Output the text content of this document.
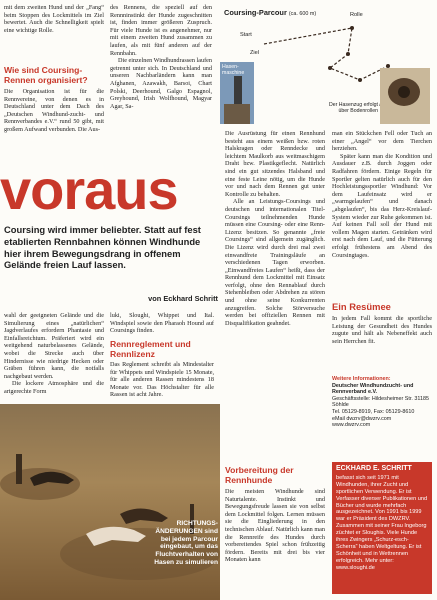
mit dem zweiten Hund und der „Fang“ beim Stoppen des Lockmittels im Ziel bewertet. Auch die Schnelligkeit spielt eine wichtige Rolle.
Wie sind Coursing-Rennen organisiert?
Die Organisation ist für die Rennvereine, von denen es in Deutschland unter dem Dach des „Deutschen Windhund-zucht- und Rennverbandes e.V.“ rund 50 gibt, mit großem Aufwand verbunden. Die Aus-

des Rennens, die speziell auf den Rennninstinkt der Hunde zugeschnitten ist, finden immer größeren Zuspruch. Für viele Hunde ist es angenehmer, nur mit einem zweiten Hund zusammen zu laufen, als mit fünf anderen auf der Rennbahn.

Die einzelnen Windhundrassen laufen getrennt unter sich. In Deutschland und unseren Nachbarländern kann man Afghanen, Azawakh, Barsoi, Chart Polski, Deerhound, Galgo Espagnol, Greyhound, Irish Wolfhound, Magyar Agar, Sa-

Coursing-Parcour (ca. 600 m)	Rolle
Start
Ziel
Hasen-maschine
Der Hasenzug erfolgt über Bodenrollen

Die Ausrüstung für einen Rennhund besteht aus einem weißen bzw. roten Halskragen oder Renndecke und leichtem Maulkorb aus weitmaschigem Draht bzw. Plastikgeflecht. Natürlich sind ein gut sitzendes Halsband und eine feste Leine nötig, um die Hunde vor und nach dem Rennen gut unter Kontrolle zu behalten.

Alle an Leistungs-Coursings und deutschen und internationalen Titel-Coursings teilnehmenden Hunde müssen eine Coursing- oder eine Renn-Lizenz besitzen. So genannte „freie Coursings“ sind allgemein zugänglich. Die Lizenz wird durch drei mal zwei einwandfreie Trainingsläufe an verschiedenen Tagen erworben. „Einwandfreies Laufen“ heißt, dass der Rennhund dem Lockmittel mit Einsatz verfolgt, ohne den Rennablauf durch Stehenbleiben oder Abdrehen zu stören und ohne seine Konkurrenten anzugreifen. Solche Störversuche werden bei offiziellen Rennen mit Disqualifikation geahndet.

man ein Stückchen Fell oder Tuch an einer „Angel“ vor dem Tierchen herziehen.

Später kann man die Kondition und Ausdauer z.B. durch Joggen oder Radfahren fördern. Einige Regeln für Sportler gelten natürlich auch für den Hochleistungssportler Windhund: Vor dem Laufeinsatz wird er „warmgelaufen“ und danach „abgelaufen“, bis das Herz-Kreislauf-System wieder zur Ruhe gekommen ist. Auf keinen Fall soll der Hund mit vollem Magen starten. Getränken wird erst nach dem Lauf, und die Fütterung erfolgt frühestens am Abend des Coursingtages.

Ein Resümee
In jedem Fall kommt die sportliche Leistung der Gesundheit des Hundes zugute und hält als Nebeneffekt auch sein Herrchen fit.
Weitere Informationen:
Deutscher Windhundzucht- und Rennverband e.V.
Geschäftsstelle: Hildesheimer Str. 31185 Söhlde
Tel. 05129-8919, Fax: 05129-8610
eMail dwzrv@dwzrv.com
www.dwzrv.com
voraus
Coursing wird immer beliebter. Statt auf fest etablierten Rennbahnen können Windhunde hier ihrem Bewegungsdrang in offenem Gelände freien Lauf lassen.
von Eckhard Schritt

wahl der geeigneten Gelände und die Simulierung eines „natürlichen“ Jagdverlaufes erfordern Phantasie und Einfallsreichtum. Präferiert wird ein weitgehend naturbelassenes Gelände, wobei die Strecke auch über Hindernisse wie niedrige Hecken oder Gräben führen kann, die notfalls nachgebaut werden.

Die lockere Atmosphäre und die artgerechte Form

luki, Sloughi, Whippet und Ital. Windspiel sowie den Pharaoh Hound auf Coursings finden.
Rennreglement und Rennlizenz
Das Reglement schreibt als Mindestalter für Whippets und Windspiele 15 Monate, für alle anderen Rassen mindestens 18 Monate vor. Das Höchstalter für alle Rassen ist acht Jahre.
RICHTUNGS-ÄNDERUNGEN sind bei jedem Parcour eingebaut, um das Fluchtverhalten von Hasen zu simulieren
Vorbereitung der Rennhunde
Die meisten Windhunde sind Naturtalente. Instinkt und Bewegungsfreude lassen sie von selbst dem Lockmittel folgen. Lernen müssen sie die Eingliederung in den technischen Ablauf. Natürlich kann man die Rennreife des Hundes durch vorbereitendes Spiel schon frühzeitig fördern. Bereits mit drei bis vier Monaten kann
ECKHARD E. SCHRITT
befasst sich seit 1971 mit Windhunden, ihrer Zucht und sportlichen Verwendung. Er ist Verfasser diverser Publikationen und Bücher und wurde mehrfach ausgezeichnet. Von 1991 bis 1999 war er Präsident des DWZRV. Zusammen mit seiner Frau Ingeborg züchtet er Sloughis. Viele Hunde ihres Zwingers „Schurz-esch-Scherra“ haben Weltgeltung. Er ist Schönheit und in Wettrennen erfolgreich. Mehr unter: www.sloughi.de
